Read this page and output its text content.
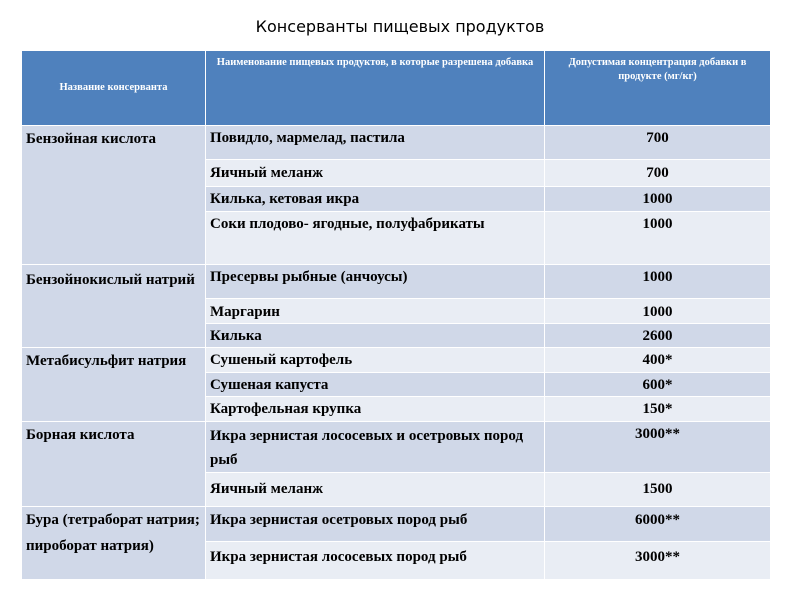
Консерванты пищевых продуктов
Название консерванта	Наименование пищевых продуктов, в которые разрешена добавка	Допустимая концентрация добавки в продукте (мг/кг)
Бензойная кислота	Повидло, мармелад, пастила	700
	Яичный меланж	700
	Килька, кетовая икра	1000
	Соки плодово- ягодные, полуфабрикаты	1000
Бензойнокислый натрий	Пресервы рыбные (анчоусы)	1000
	Маргарин	1000
	Килька	2600
Метабисульфит натрия	Сушеный картофель	400*
	Сушеная капуста	600*
	Картофельная крупка	150*
Борная кислота	Икра зернистая лососевых и осетровых пород рыб	3000**
	Яичный меланж	1500
Бура (тетраборат натрия; пироборат натрия)	Икра зернистая осетровых пород рыб	6000**
	Икра зернистая лососевых пород рыб	3000**
